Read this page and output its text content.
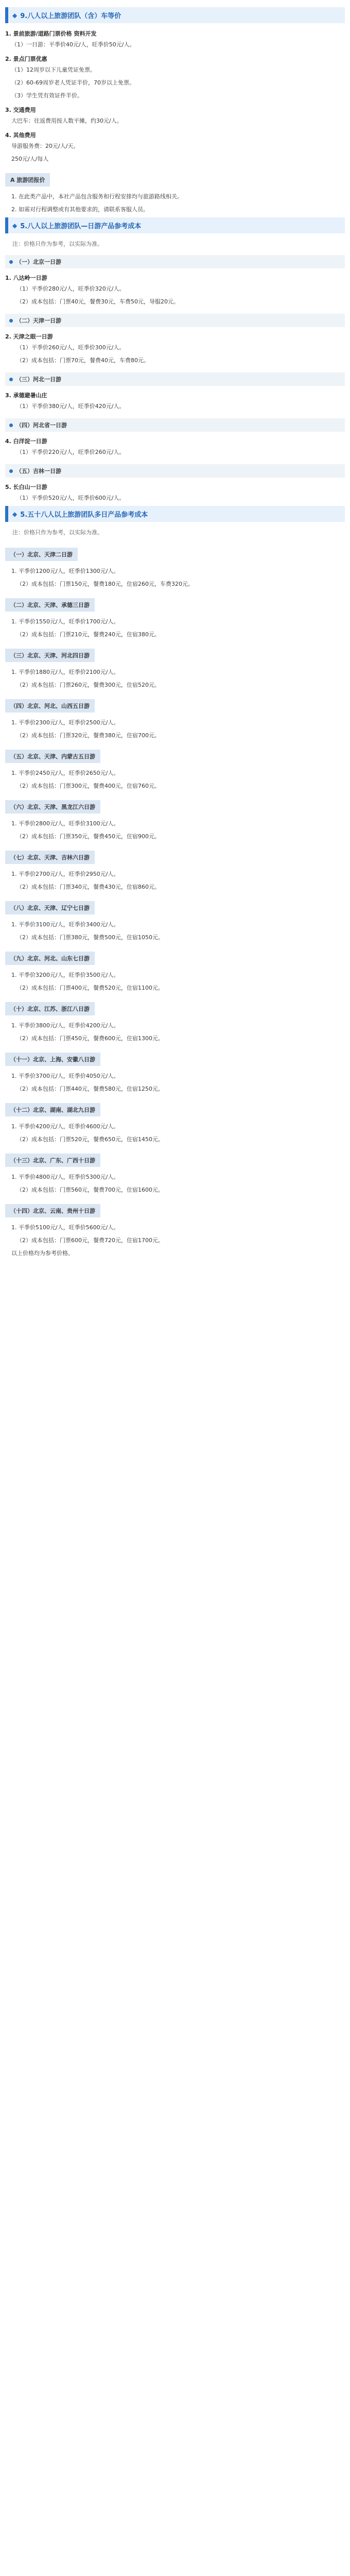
◆ 9.八人以上旅游团队（含）车等价
1. 景前旅游/道路门票价格 资料开发
（1）一日游：平季价40元/人，旺季价50元/人。
2. 景点门票优惠
（1）12周岁以下儿童凭证免票。
（2）60-69周岁老人凭证半价，70岁以上免票。
（3）学生凭有效证件半价。
3. 交通费用
大巴车：往返费用按人数平摊，约30元/人。
4. 其他费用
导游服务费：20元/人/天。
250元/人/每人
A 旅游团报价
1. 在此类产品中，本社产品包含服务和行程安排均与旅游路线相关。
2. 如需对行程调整或有其他要求的，请联系客服人员。
◆ 5.八人以上旅游团队—日游产品参考成本
注：价格只作为参考，以实际为准。
（一）北京一日游
1. 八达岭一日游
（1）平季价280元/人，旺季价320元/人。
（2）成本包括：门票40元，餐费30元，车费50元，导服20元。
（二）天津一日游
2. 天津之眼一日游
（1）平季价260元/人，旺季价300元/人。
（2）成本包括：门票70元，餐费40元，车费80元。
（三）河北一日游
3. 承德避暑山庄
（1）平季价380元/人，旺季价420元/人。
（四）河北省一日游
4. 白洋淀一日游
（1）平季价220元/人，旺季价260元/人。
（五）吉林一日游
5. 长白山一日游
（1）平季价520元/人，旺季价600元/人。
◆ 5.五十八人以上旅游团队多日产品参考成本
注：价格只作为参考，以实际为准。
（一）北京、天津二日游
1. 平季价1200元/人，旺季价1300元/人。
（2）成本包括：门票150元，餐费180元，住宿260元，车费320元。
（二）北京、天津、承德三日游
1. 平季价1550元/人，旺季价1700元/人。
（2）成本包括：门票210元，餐费240元，住宿380元。
（三）北京、天津、河北四日游
1. 平季价1880元/人，旺季价2100元/人。
（2）成本包括：门票260元，餐费300元，住宿520元。
（四）北京、河北、山西五日游
1. 平季价2300元/人，旺季价2500元/人。
（2）成本包括：门票320元，餐费380元，住宿700元。
（五）北京、天津、内蒙古五日游
1. 平季价2450元/人，旺季价2650元/人。
（2）成本包括：门票300元，餐费400元，住宿760元。
（六）北京、天津、黑龙江六日游
1. 平季价2800元/人，旺季价3100元/人。
（2）成本包括：门票350元，餐费450元，住宿900元。
（七）北京、天津、吉林六日游
1. 平季价2700元/人，旺季价2950元/人。
（2）成本包括：门票340元，餐费430元，住宿860元。
（八）北京、天津、辽宁七日游
1. 平季价3100元/人，旺季价3400元/人。
（2）成本包括：门票380元，餐费500元，住宿1050元。
（九）北京、河北、山东七日游
1. 平季价3200元/人，旺季价3500元/人。
（2）成本包括：门票400元，餐费520元，住宿1100元。
（十）北京、江苏、浙江八日游
1. 平季价3800元/人，旺季价4200元/人。
（2）成本包括：门票450元，餐费600元，住宿1300元。
（十一）北京、上海、安徽八日游
1. 平季价3700元/人，旺季价4050元/人。
（2）成本包括：门票440元，餐费580元，住宿1250元。
（十二）北京、湖南、湖北九日游
1. 平季价4200元/人，旺季价4600元/人。
（2）成本包括：门票520元，餐费650元，住宿1450元。
（十三）北京、广东、广西十日游
1. 平季价4800元/人，旺季价5300元/人。
（2）成本包括：门票560元，餐费700元，住宿1600元。
（十四）北京、云南、贵州十日游
1. 平季价5100元/人，旺季价5600元/人。
（2）成本包括：门票600元，餐费720元，住宿1700元。
以上价格均为参考价格。
